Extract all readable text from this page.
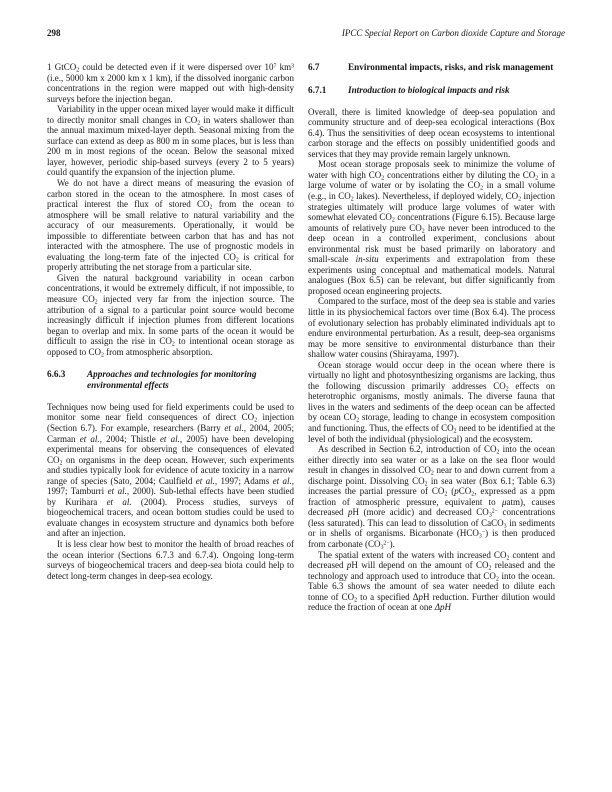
298	IPCC Special Report on Carbon dioxide Capture and Storage

1 GtCO$_2$ could be detected even if it were dispersed over $10^7$ $km^3$ (i.e., 5000 km x 2000 km x 1 km), if the dissolved inorganic carbon concentrations in the region were mapped out with high-density surveys before the injection began.

Variability in the upper ocean mixed layer would make it difficult to directly monitor small changes in $CO_2$ in waters shallower than the annual maximum mixed-layer depth. Seasonal mixing from the surface can extend as deep as 800 m in some places, but is less than 200 m in most regions of the ocean. Below the seasonal mixed layer, however, periodic ship-based surveys (every 2 to 5 years) could quantify the expansion of the injection plume.

We do not have a direct means of measuring the evasion of carbon stored in the ocean to the atmosphere. In most cases of practical interest the flux of stored $CO_2$ from the ocean to atmosphere will be small relative to natural variability and the accuracy of our measurements. Operationally, it would be impossible to differentiate between carbon that has and has not interacted with the atmosphere. The use of prognostic models in evaluating the long-term fate of the injected $CO_2$ is critical for properly attributing the net storage from a particular site.

Given the natural background variability in ocean carbon concentrations, it would be extremely difficult, if not impossible, to measure $CO_2$ injected very far from the injection source. The attribution of a signal to a particular point source would become increasingly difficult if injection plumes from different locations began to overlap and mix. In some parts of the ocean it would be difficult to assign the rise in $CO_2$ to intentional ocean storage as opposed to $CO_2$ from atmospheric absorption.

6.6.3	Approaches and technologies for monitoring environmental effects

Techniques now being used for field experiments could be used to monitor some near field consequences of direct $CO_2$ injection (Section 6.7). For example, researchers (Barry et al., 2004, 2005; Carman et al., 2004; Thistle et al., 2005) have been developing experimental means for observing the consequences of elevated $CO_2$ on organisms in the deep ocean. However, such experiments and studies typically look for evidence of acute toxicity in a narrow range of species (Sato, 2004; Caulfield et al., 1997; Adams et al., 1997; Tamburri et al., 2000). Sub-lethal effects have been studied by Kurihara et al. (2004). Process studies, surveys of biogeochemical tracers, and ocean bottom studies could be used to evaluate changes in ecosystem structure and dynamics both before and after an injection.

It is less clear how best to monitor the health of broad reaches of the ocean interior (Sections 6.7.3 and 6.7.4). Ongoing long-term surveys of biogeochemical tracers and deep-sea biota could help to detect long-term changes in deep-sea ecology.

6.7	Environmental impacts, risks, and risk management
6.7.1	Introduction to biological impacts and risk

Overall, there is limited knowledge of deep-sea population and community structure and of deep-sea ecological interactions (Box 6.4). Thus the sensitivities of deep ocean ecosystems to intentional carbon storage and the effects on possibly unidentified goods and services that they may provide remain largely unknown.

Most ocean storage proposals seek to minimize the volume of water with high $CO_2$ concentrations either by diluting the $CO_2$ in a large volume of water or by isolating the $CO_2$ in a small volume (e.g., in $CO_2$ lakes). Nevertheless, if deployed widely, $CO_2$ injection strategies ultimately will produce large volumes of water with somewhat elevated $CO_2$ concentrations (Figure 6.15). Because large amounts of relatively pure $CO_2$ have never been introduced to the deep ocean in a controlled experiment, conclusions about environmental risk must be based primarily on laboratory and small-scale in-situ experiments and extrapolation from these experiments using conceptual and mathematical models. Natural analogues (Box 6.5) can be relevant, but differ significantly from proposed ocean engineering projects.

Compared to the surface, most of the deep sea is stable and varies little in its physiochemical factors over time (Box 6.4). The process of evolutionary selection has probably eliminated individuals apt to endure environmental perturbation. As a result, deep-sea organisms may be more sensitive to environmental disturbance than their shallow water cousins (Shirayama, 1997).

Ocean storage would occur deep in the ocean where there is virtually no light and photosynthesizing organisms are lacking, thus the following discussion primarily addresses $CO_2$ effects on heterotrophic organisms, mostly animals. The diverse fauna that lives in the waters and sediments of the deep ocean can be affected by ocean $CO_2$ storage, leading to change in ecosystem composition and functioning. Thus, the effects of $CO_2$ need to be identified at the level of both the individual (physiological) and the ecosystem.

As described in Section 6.2, introduction of $CO_2$ into the ocean either directly into sea water or as a lake on the sea floor would result in changes in dissolved $CO_2$ near to and down current from a discharge point. Dissolving $CO_2$ in sea water (Box 6.1; Table 6.3) increases the partial pressure of $CO_2$ (pCO$_2$, expressed as a ppm fraction of atmospheric pressure, equivalent to μatm), causes decreased pH (more acidic) and decreased $CO_3^{2-}$ concentrations (less saturated). This can lead to dissolution of CaCO$_3$ in sediments or in shells of organisms. Bicarbonate $(HCO_3^-)$ is then produced from carbonate $(CO_3^{2-})$.

The spatial extent of the waters with increased $CO_2$ content and decreased pH will depend on the amount of $CO_2$ released and the technology and approach used to introduce that $CO_2$ into the ocean. Table 6.3 shows the amount of sea water needed to dilute each tonne of $CO_2$ to a specified ΔpH reduction. Further dilution would reduce the fraction of ocean at one ΔpH
